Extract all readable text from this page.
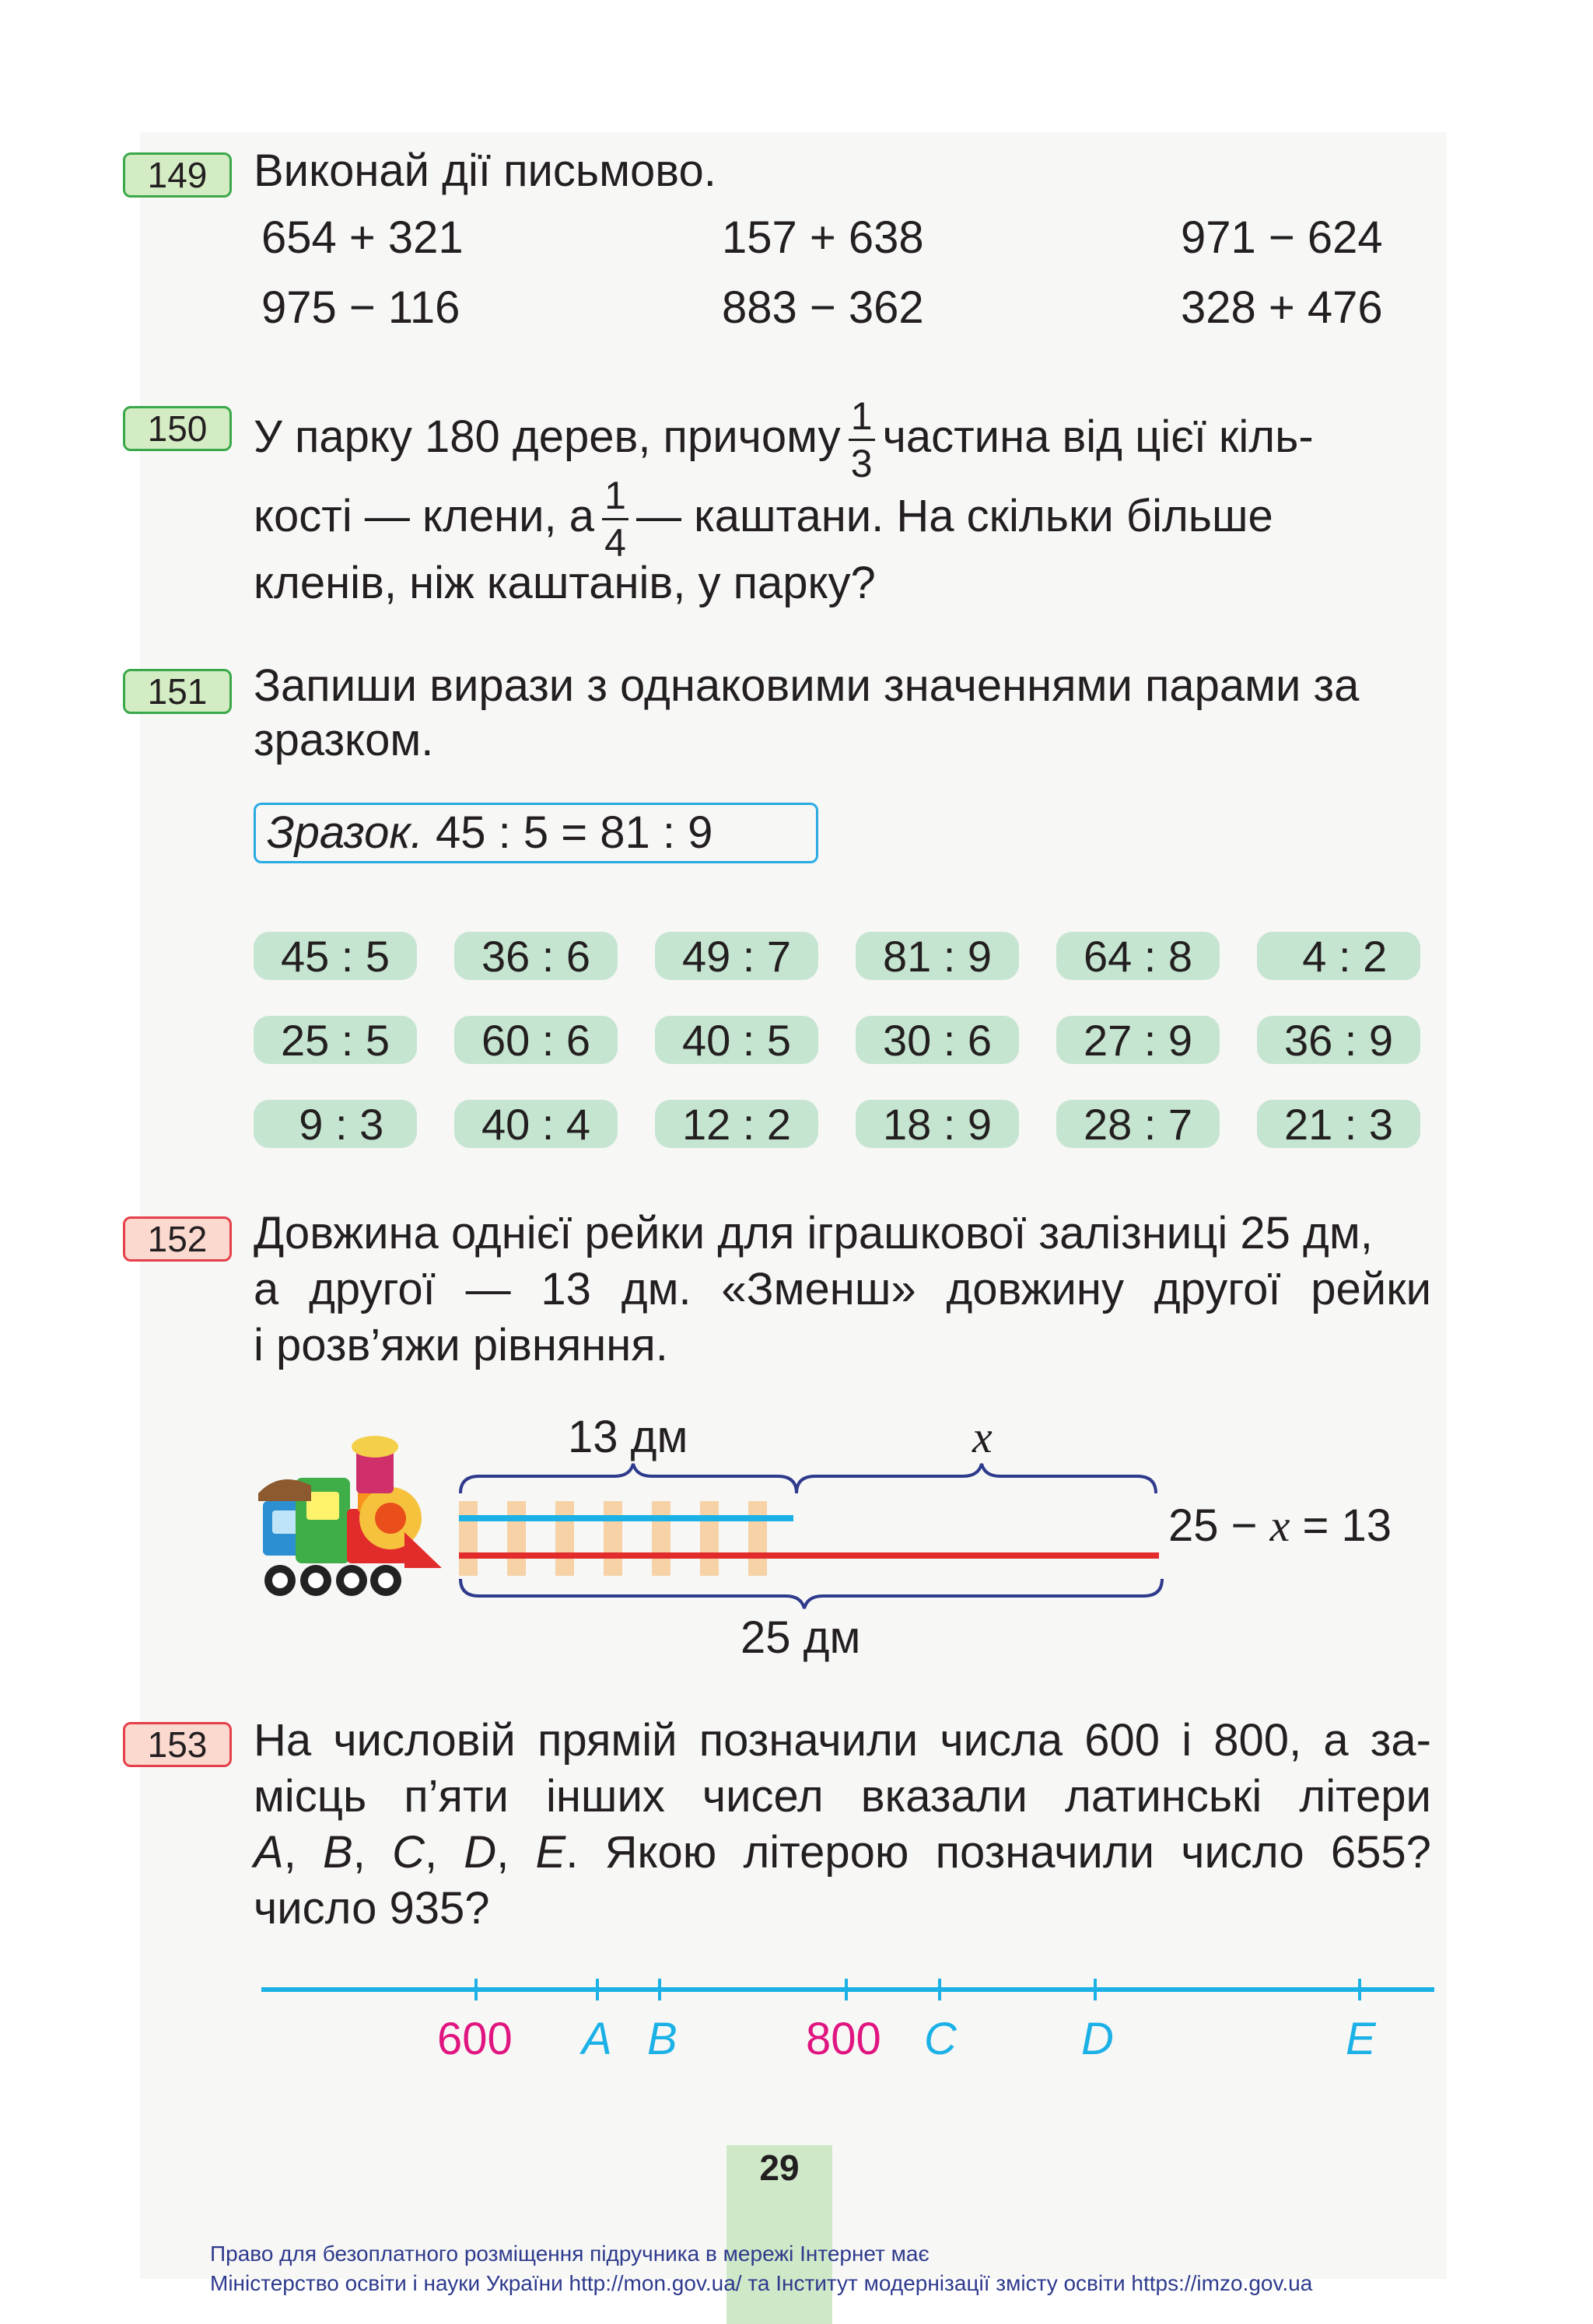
149	Виконай дії письмово.
654 + 321	157 + 638	971 − 624
975 − 116	883 − 362	328 + 476
150	У парку 180 дерев, причому $\frac{1}{3}$ частина від цієї кіль-
кості — клени, а $\frac{1}{4}$ — каштани. На скільки більше
кленів, ніж каштанів, у парку?
151	Запиши вирази з однаковими значеннями парами за
зразком.
Зразок. 45 : 5 = 81 : 9
45 : 5	36 : 6	49 : 7	81 : 9	64 : 8	4 : 2
25 : 5	60 : 6	40 : 5	30 : 6	27 : 9	36 : 9
9 : 3	40 : 4	12 : 2	18 : 9	28 : 7	21 : 3
152	Довжина однієї рейки для іграшкової залізниці 25 дм,
а другої — 13 дм. «Зменш» довжину другої рейки
і розв’яжи рівняння.
13 дм	x
25 дм
25 − x = 13
153	На числовій прямій позначили числа 600 і 800, а за-
місць п’яти інших чисел вказали латинські літери
A, B, C, D, E. Якою літерою позначили число 655?
число 935?
600 A B	800 C	D	E
29
Право для безоплатного розміщення підручника в мережі Інтернет має
Міністерство освіти і науки України http://mon.gov.ua/ та Інститут модернізації змісту освіти https://imzo.gov.ua
